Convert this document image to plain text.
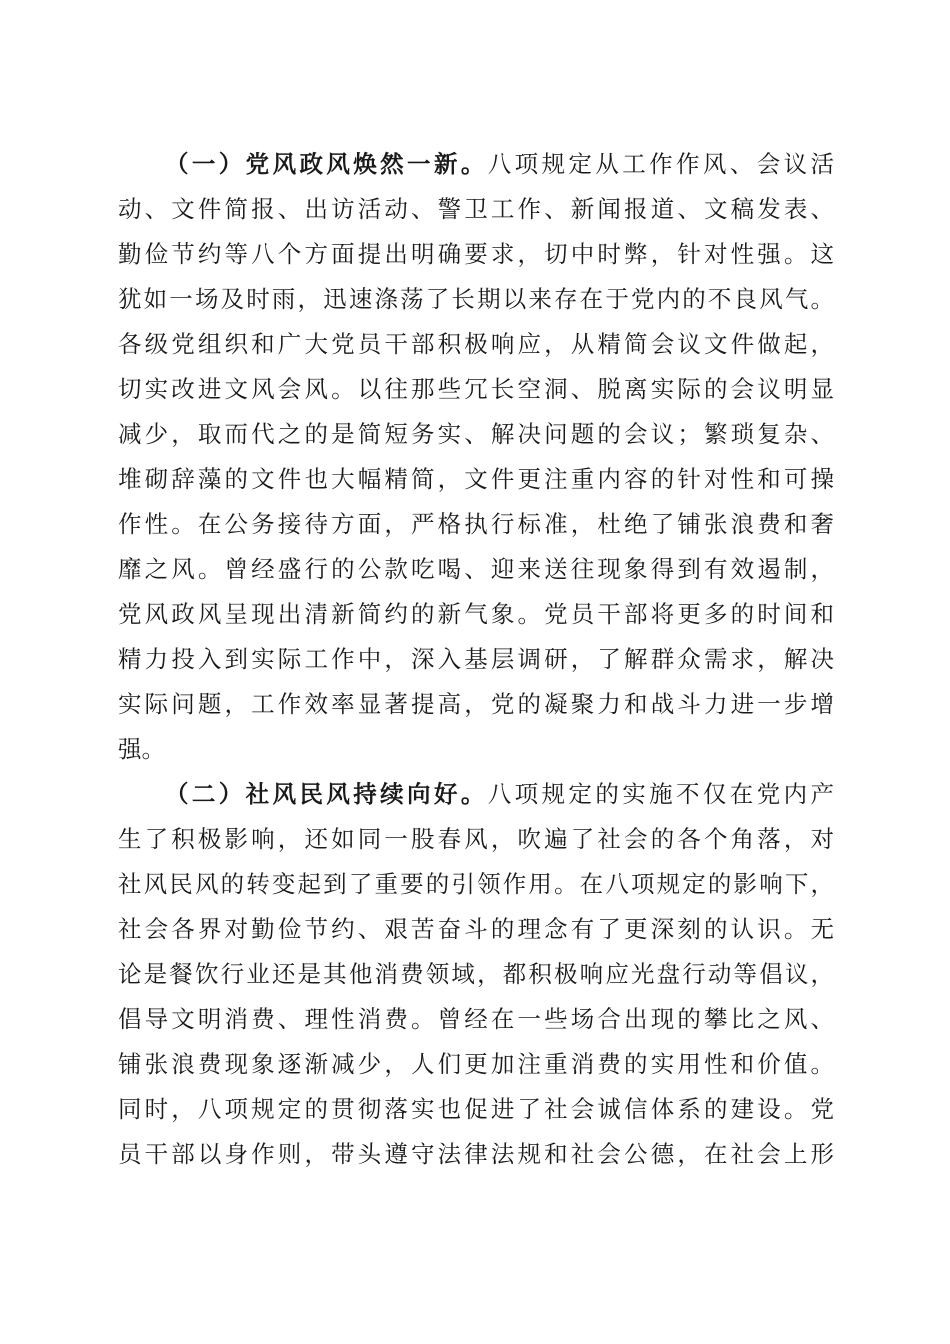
（一）党风政风焕然一新。八项规定从工作作风、会议活
动、文件简报、出访活动、警卫工作、新闻报道、文稿发表、
勤俭节约等八个方面提出明确要求，切中时弊，针对性强。这
犹如一场及时雨，迅速涤荡了长期以来存在于党内的不良风气。
各级党组织和广大党员干部积极响应，从精简会议文件做起，
切实改进文风会风。以往那些冗长空洞、脱离实际的会议明显
减少，取而代之的是简短务实、解决问题的会议；繁琐复杂、
堆砌辞藻的文件也大幅精简，文件更注重内容的针对性和可操
作性。在公务接待方面，严格执行标准，杜绝了铺张浪费和奢
靡之风。曾经盛行的公款吃喝、迎来送往现象得到有效遏制，
党风政风呈现出清新简约的新气象。党员干部将更多的时间和
精力投入到实际工作中，深入基层调研，了解群众需求，解决
实际问题，工作效率显著提高，党的凝聚力和战斗力进一步增
强。
（二）社风民风持续向好。八项规定的实施不仅在党内产
生了积极影响，还如同一股春风，吹遍了社会的各个角落，对
社风民风的转变起到了重要的引领作用。在八项规定的影响下，
社会各界对勤俭节约、艰苦奋斗的理念有了更深刻的认识。无
论是餐饮行业还是其他消费领域，都积极响应光盘行动等倡议，
倡导文明消费、理性消费。曾经在一些场合出现的攀比之风、
铺张浪费现象逐渐减少，人们更加注重消费的实用性和价值。
同时，八项规定的贯彻落实也促进了社会诚信体系的建设。党
员干部以身作则，带头遵守法律法规和社会公德，在社会上形
